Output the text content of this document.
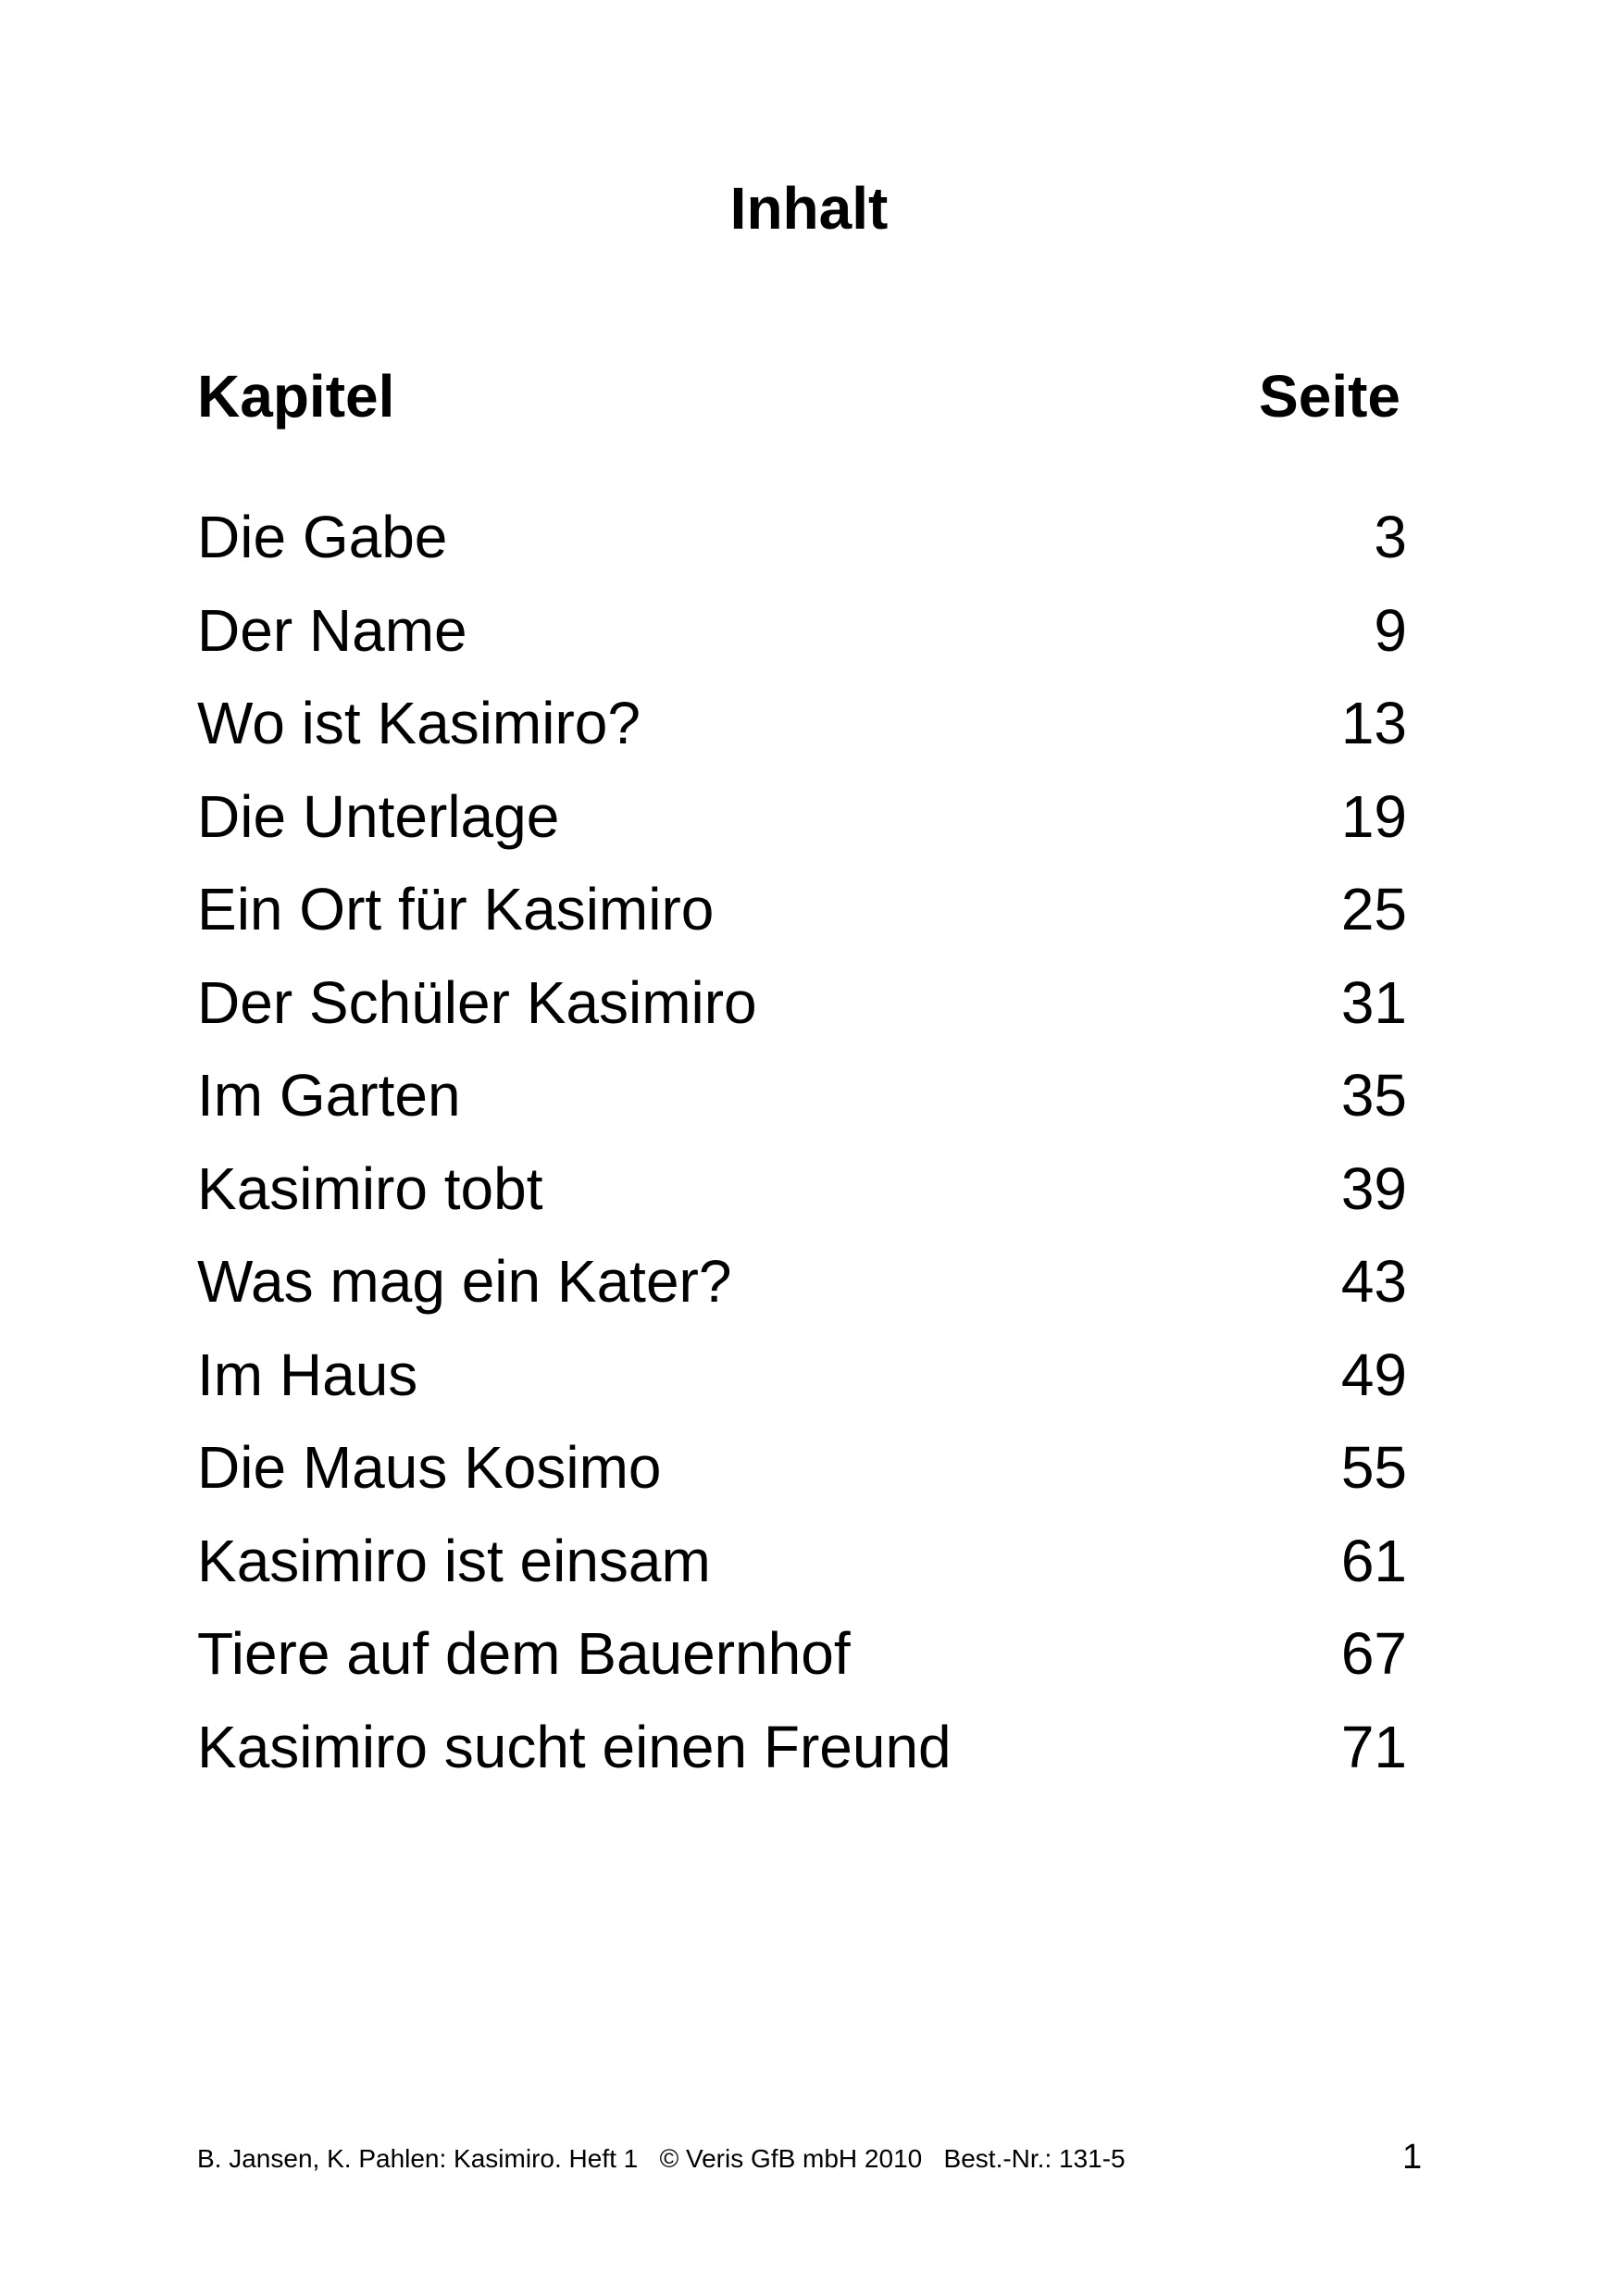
Inhalt
Kapitel	Seite
Die Gabe	3
Der Name	9
Wo ist Kasimiro?	13
Die Unterlage	19
Ein Ort für Kasimiro	25
Der Schüler Kasimiro	31
Im Garten	35
Kasimiro tobt	39
Was mag ein Kater?	43
Im Haus	49
Die Maus Kosimo	55
Kasimiro ist einsam	61
Tiere auf dem Bauernhof	67
Kasimiro sucht einen Freund	71
B. Jansen, K. Pahlen: Kasimiro. Heft 1   © Veris GfB mbH 2010   Best.-Nr.: 131-5	1
